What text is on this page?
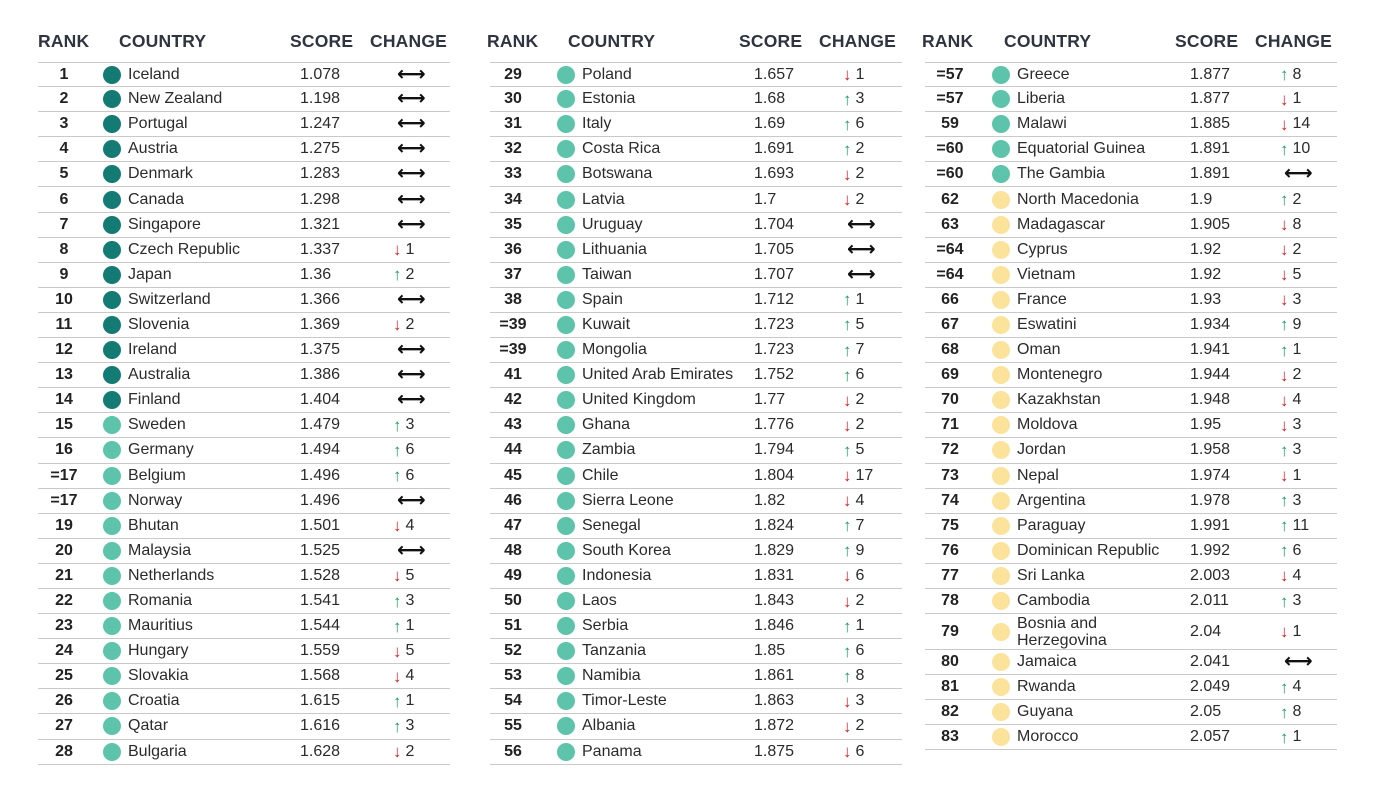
RANK COUNTRY	SCORE CHANGE
1	Iceland	1.078	⟷
2	New Zealand	1.198	⟷
3	Portugal	1.247	⟷
4	Austria	1.275	⟷
5	Denmark	1.283	⟷
6	Canada	1.298	⟷
7	Singapore	1.321	⟷
8	Czech Republic	1.337	↓ 1
9	Japan	1.36	↑ 2
10	Switzerland	1.366	⟷
11	Slovenia	1.369	↓ 2
12	Ireland	1.375	⟷
13	Australia	1.386	⟷
14	Finland	1.404	⟷
15	Sweden	1.479	↑ 3
16	Germany	1.494	↑ 6
=17	Belgium	1.496	↑ 6
=17	Norway	1.496	⟷
19	Bhutan	1.501	↓ 4
20	Malaysia	1.525	⟷
21	Netherlands	1.528	↓ 5
22	Romania	1.541	↑ 3
23	Mauritius	1.544	↑ 1
24	Hungary	1.559	↓ 5
25	Slovakia	1.568	↓ 4
26	Croatia	1.615	↑ 1
27	Qatar	1.616	↑ 3
28	Bulgaria	1.628	↓ 2
RANK COUNTRY	SCORE CHANGE
29	Poland	1.657	↓ 1
30	Estonia	1.68	↑ 3
31	Italy	1.69	↑ 6
32	Costa Rica	1.691	↑ 2
33	Botswana	1.693	↓ 2
34	Latvia	1.7	↓ 2
35	Uruguay	1.704	⟷
36	Lithuania	1.705	⟷
37	Taiwan	1.707	⟷
38	Spain	1.712	↑ 1
=39	Kuwait	1.723	↑ 5
=39	Mongolia	1.723	↑ 7
41	United Arab Emirates 1.752	↑ 6
42	United Kingdom	1.77	↓ 2
43	Ghana	1.776	↓ 2
44	Zambia	1.794	↑ 5
45	Chile	1.804	↓ 17
46	Sierra Leone	1.82	↓ 4
47	Senegal	1.824	↑ 7
48	South Korea	1.829	↑ 9
49	Indonesia	1.831	↓ 6
50	Laos	1.843	↓ 2
51	Serbia	1.846	↑ 1
52	Tanzania	1.85	↑ 6
53	Namibia	1.861	↑ 8
54	Timor-Leste	1.863	↓ 3
55	Albania	1.872	↓ 2
56	Panama	1.875	↓ 6
RANK COUNTRY	SCORE CHANGE
=57	Greece	1.877	↑ 8
=57	Liberia	1.877	↓ 1
59	Malawi	1.885	↓ 14
=60	Equatorial Guinea	1.891	↑ 10
=60	The Gambia	1.891	⟷
62	North Macedonia	1.9	↑ 2
63	Madagascar	1.905	↓ 8
=64	Cyprus	1.92	↓ 2
=64	Vietnam	1.92	↓ 5
66	France	1.93	↓ 3
67	Eswatini	1.934	↑ 9
68	Oman	1.941	↑ 1
69	Montenegro	1.944	↓ 2
70	Kazakhstan	1.948	↓ 4
71	Moldova	1.95	↓ 3
72	Jordan	1.958	↑ 3
73	Nepal	1.974	↓ 1
74	Argentina	1.978	↑ 3
75	Paraguay	1.991	↑ 11
76	Dominican Republic 1.992	↑ 6
77	Sri Lanka	2.003	↓ 4
78	Cambodia	2.011	↑ 3
79	Bosnia and Herzegovina
2.04	↓ 1
80	Jamaica	2.041	⟷
81	Rwanda	2.049	↑ 4
82	Guyana	2.05	↑ 8
83	Morocco	2.057	↑ 1
